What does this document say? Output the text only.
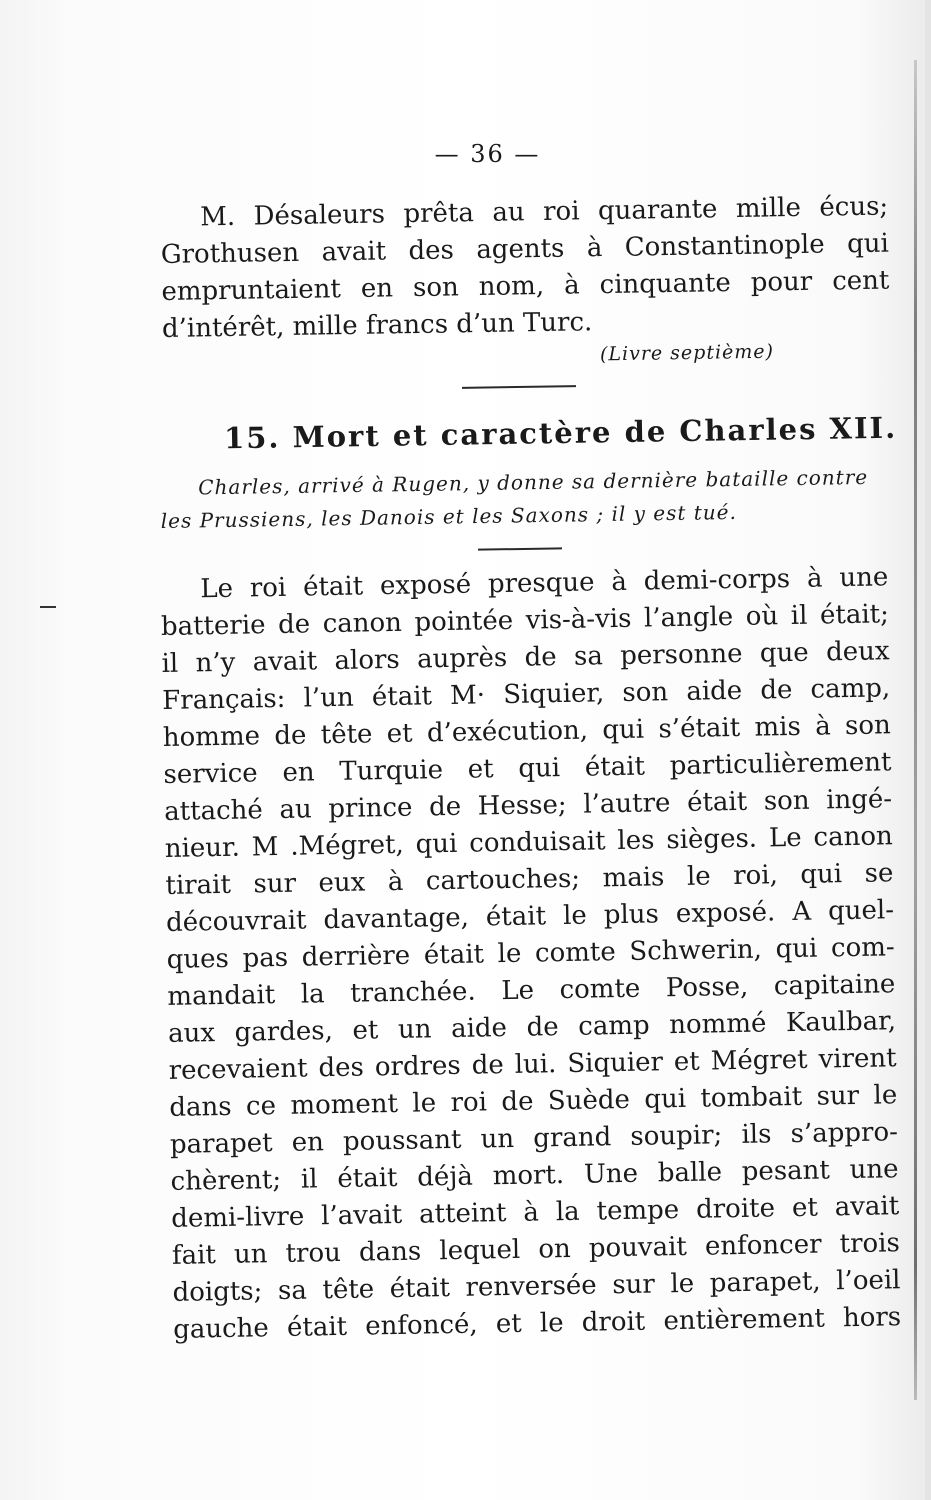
— 36 —
M. Désaleurs prêta au roi quarante mille écus;
Grothusen avait des agents à Constantinople qui
empruntaient en son nom, à cinquante pour cent
d’intérêt, mille francs d’un Turc.
(Livre septième)
15. Mort et caractère de Charles XII.
Charles, arrivé à Rugen, y donne sa dernière bataille contre
les Prussiens, les Danois et les Saxons ; il y est tué.
Le roi était exposé presque à demi-corps à une
batterie de canon pointée vis-à-vis l’angle où il était;
il n’y avait alors auprès de sa personne que deux
Français: l’un était M· Siquier, son aide de camp,
homme de tête et d’exécution, qui s’était mis à son
service en Turquie et qui était particulièrement
attaché au prince de Hesse; l’autre était son ingé-
nieur. M .Mégret, qui conduisait les sièges. Le canon
tirait sur eux à cartouches; mais le roi, qui se
découvrait davantage, était le plus exposé. A quel-
ques pas derrière était le comte Schwerin, qui com-
mandait la tranchée. Le comte Posse, capitaine
aux gardes, et un aide de camp nommé Kaulbar,
recevaient des ordres de lui. Siquier et Mégret virent
dans ce moment le roi de Suède qui tombait sur le
parapet en poussant un grand soupir; ils s’appro-
chèrent; il était déjà mort. Une balle pesant une
demi-livre l’avait atteint à la tempe droite et avait
fait un trou dans lequel on pouvait enfoncer trois
doigts; sa tête était renversée sur le parapet, l’oeil
gauche était enfoncé, et le droit entièrement hors
